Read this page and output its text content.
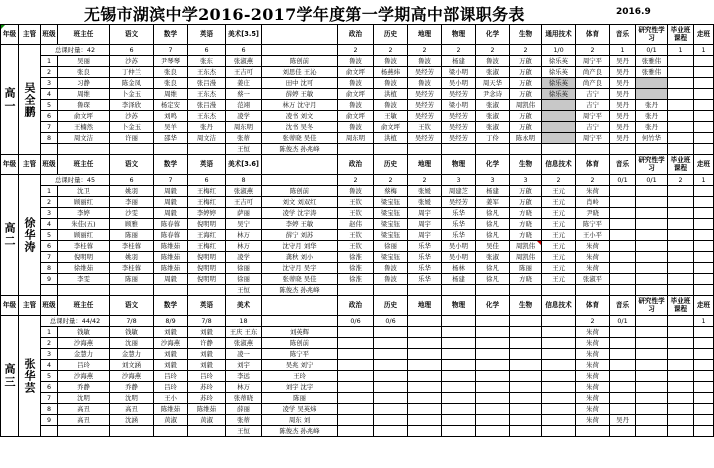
无锡市湖滨中学2016-2017学年度第一学期高中部课职务表	2016.9
年级	主管	班级	班主任	语文	数学	英语	美术[3.5]		政治	历史	地理	物理	化学	生物	通用技术	体育	音乐	研究性学习	毕业班课程	走班
高一	吴全鹏	总课时量：42		6	7	6	6		2	2	2	2	2	2	1/0	2	1	0/1	1	1
		1	吴丽	沙苏	尹琴琴	张东	张淑燕	陈创前	鲁波	鲁波	鲁波	杨建	鲁波	万啟	徐乐英	周宁平	吴丹	张雅伟		
		2	张良	丁仲兰	张良	王东杰	王吉可	刘思佳 王沁	俞文坪	杨燕炜	吴经芳	梁小明	张淑	万啟	徐乐英	尚产良	吴丹	张雅伟		
		3	习静	陈金凤	张良	张吕漫	姜庄	田中 沈可	鲁波	鲁波	鲁波	吴小明	周天华	万啟	徐乐英	尚产良	吴丹			
		4	周维	卜金玉	周维	王东杰	蔡一	薛婷 王敏	俞文坪	洪植	吴经芳	吴经芳	尹念诗	万啟	徐乐英	吉宁	吴丹			
		5	鲁琛	李泽欣	杨定安	张吕漫	范翊	林万 沈守月	鲁波	鲁波	吴经芳	梁小明	张淑	周凯伟		吉宁	吴丹	张丹		
		6	俞文坪	沙苏	刘鸣	王东杰	凌学	凌书 刘文	俞文坪	王敏	吴经芳	吴经芳	张淑	万啟		周宁平	吴丹	张丹		
		7	王楠然	卜金玉	吴羊	张丹	周东明	沈书 吴冬	鲁波	俞文坪	王钦	吴经芳	张淑	万啟		吉宁	吴丹	张丹		
		8	周文洁	许丽	邵华	周文洁	张蒂	张蒂晓 吴佳	周东明	洪植	吴经芳	吴经芳	丁伶	陈永明		周宁平	吴丹	何竹华		
							王恒	陈俊杰 孙兆峰												
年级	主管	班级	班主任	语文	数学	英语	美术[3.6]		政治	历史	地理	物理	化学	生物	信息技术	体育	音乐	研究性学习	毕业班课程	走班
高二	徐华涛	总课时量：45		6	7	6	8		2	2	2	3	3	3	2	2	0/1	0/1	2	1
		1	沈卫	姚羽	周毅	王梅红	张淑燕	陈创前	鲁波	蔡梅	张媛	周建芝	杨建	万啟	王元	朱荷				
		2	顾丽红	李丽	周毅	王梅红	王吉可	刘文 刘双红	王钦	梁宝钰	张媛	吴经芳	姜军	万啟	王元	肖岭				
		3	李婷	沙雯	周毅	李婷婷	萨丽	凌学 沈宇涛	王钦	梁宝钰	周宇	乐华	徐凡	方晓	王元	尹晓				
		4	朱佳(五)	顾雅	陈春蓉	倪明明	吴宁	李婷 王敏	赵伟	梁宝钰	周宇	乐华	徐凡	方晓	王元	陈宁平				
		5	顾丽红	陈丽	陈春蓉	王海红	林万	薛宁 刘苏	王钦	梁宝钰	周宇	乐华	徐凡	方晓	王元	王小平				
		6	李桂蓉	李桂蓉	陈维茹	王梅红	林万	沈守月 刘华	王钦	徐丽	乐华	吴小明	吴佳	周凯伟	王元	朱荷				
		7	倪明明	姚羽	陈维茹	倪明明	凌学	龚秋 刘小	徐淮	梁宝钰	乐华	吴小明	张淑	周凯伟	王元	朱荷				
		8	徐维茹	李桂蓉	陈维茹	倪明明	徐丽	沈守月 吴宇	徐淮	鲁波	乐华	杨林	徐凡	陈丽	王元	朱荷				
		9	李雯	陈丽	周毅	倪明明	徐丽	张蒂晓 吴佳	徐淮	鲁波	乐华	杨建	徐凡	方晓	王元	张淑平				
							王恒	陈俊杰 孙兆峰												
年级	主管	班级	班主任	语文	数学	英语	美术		政治	历史	地理	物理	化学	生物	信息技术	体育	音乐	研究性学习	毕业班课程	走班
高三	张华芸	总课时量：44/42		7/8	8/9	7/8	18		0/6	0/6						2	0/1			1
		1	钱敏	钱敏	刘毅	刘毅	王庆 王东	刘英辉								朱荷				
		2	沙海燕	沈丽	沙海燕	许静	张淑燕	陈创前								朱荷				
		3	金慧力	金慧力	刘毅	刘毅	凌一	陈宁平								朱荷				
		4	吕玲	刘文涵	刘毅	刘毅	刘宇	吴兆 刘宁								朱荷				
		5	沙海燕	沙海燕	吕玲	吕玲	李远	王玲								朱荷				
		6	乔静	乔静	吕玲	苏玲	林万	刘宇 沈宇								朱荷				
		7	沈明	沈明	王小	苏玲	张蒂晓	陈丽								朱荷				
		8	高丑	高丑	陈维茹	陈维茹	薛丽	凌学 吴英炜								朱荷				
		9	高丑	沈涵	黄淑	黄淑	张蒂	周东 刘								朱荷	吴丹			
							王恒	陈俊杰 孙兆峰												
